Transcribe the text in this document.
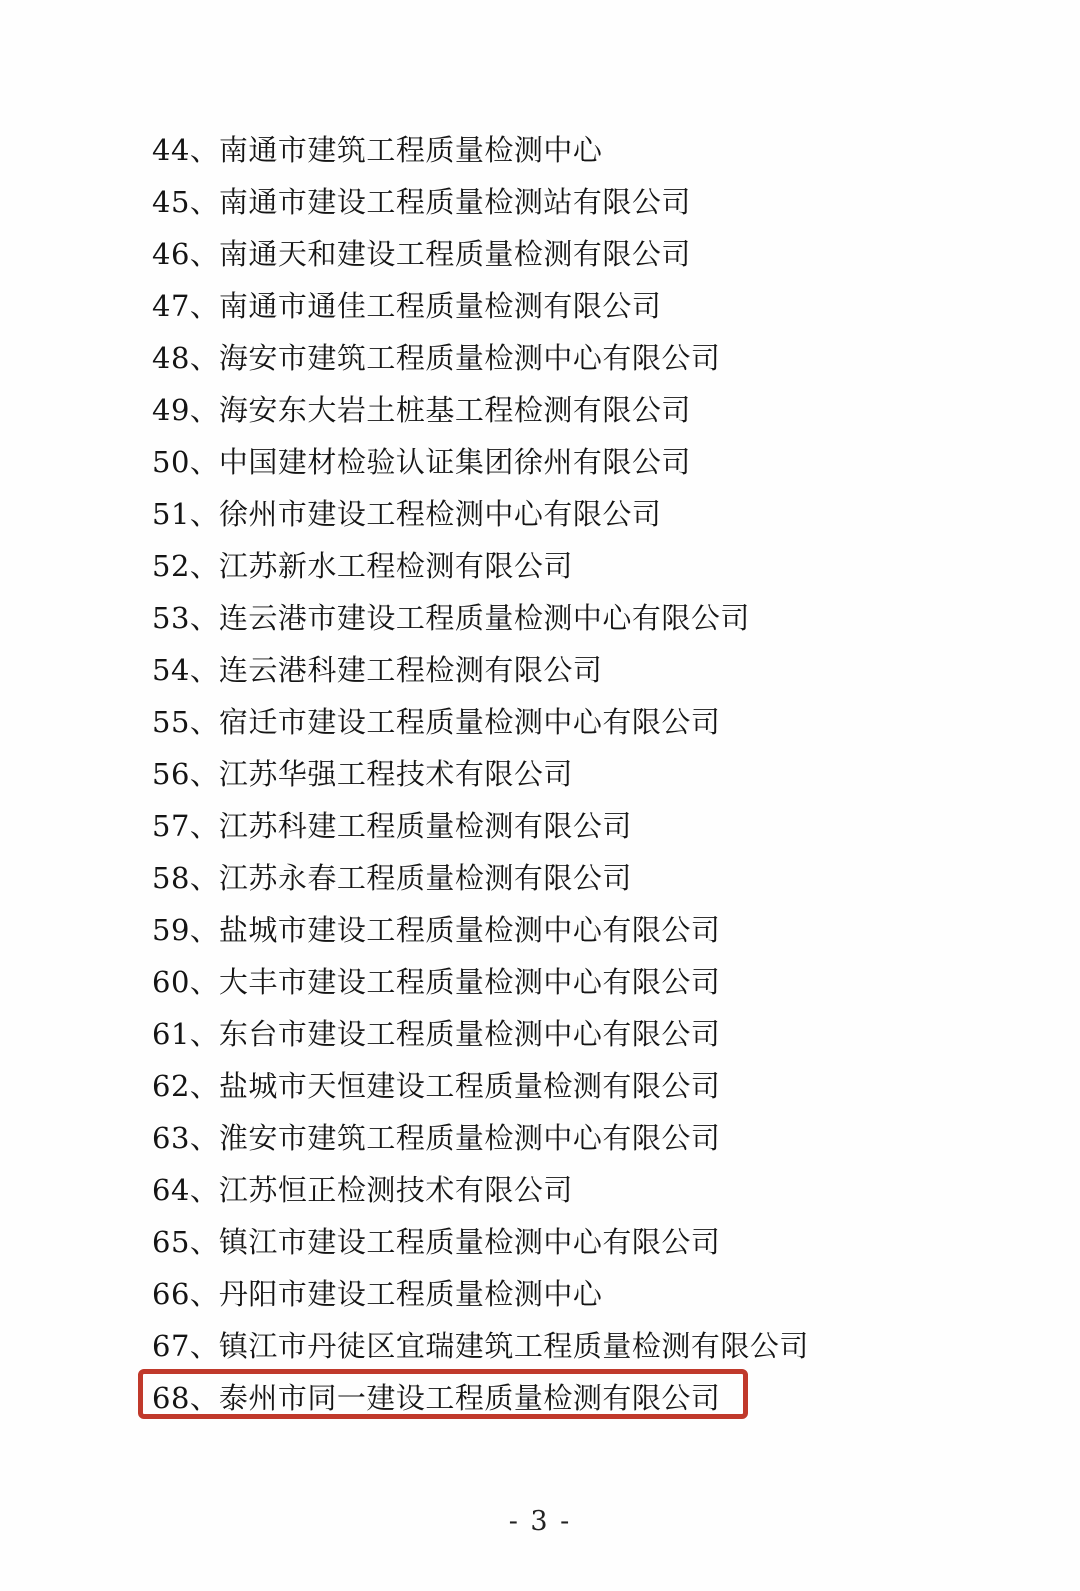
44、南通市建筑工程质量检测中心
45、南通市建设工程质量检测站有限公司
46、南通天和建设工程质量检测有限公司
47、南通市通佳工程质量检测有限公司
48、海安市建筑工程质量检测中心有限公司
49、海安东大岩土桩基工程检测有限公司
50、中国建材检验认证集团徐州有限公司
51、徐州市建设工程检测中心有限公司
52、江苏新水工程检测有限公司
53、连云港市建设工程质量检测中心有限公司
54、连云港科建工程检测有限公司
55、宿迁市建设工程质量检测中心有限公司
56、江苏华强工程技术有限公司
57、江苏科建工程质量检测有限公司
58、江苏永春工程质量检测有限公司
59、盐城市建设工程质量检测中心有限公司
60、大丰市建设工程质量检测中心有限公司
61、东台市建设工程质量检测中心有限公司
62、盐城市天恒建设工程质量检测有限公司
63、淮安市建筑工程质量检测中心有限公司
64、江苏恒正检测技术有限公司
65、镇江市建设工程质量检测中心有限公司
66、丹阳市建设工程质量检测中心
67、镇江市丹徒区宜瑞建筑工程质量检测有限公司
68、泰州市同一建设工程质量检测有限公司
- 3 -
